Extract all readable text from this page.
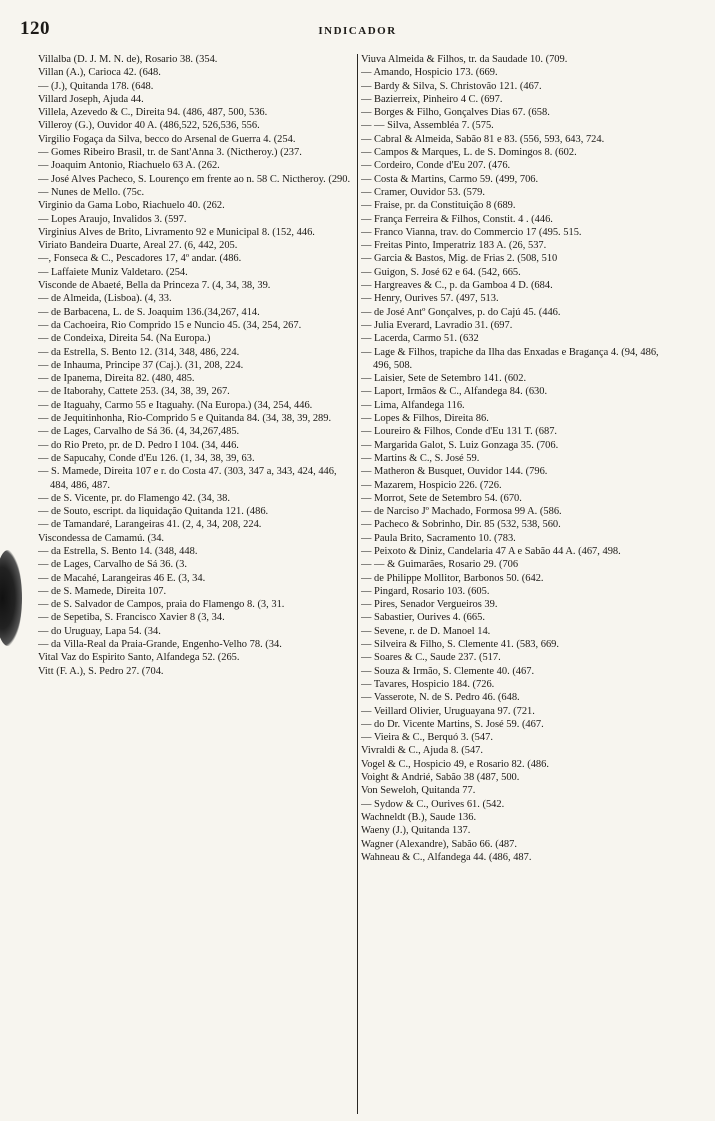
120	INDICADOR
Villalba (D. J. M. N. de), Rosario 38. (354.
Villan (A.), Carioca 42. (648.
— (J.), Quitanda 178. (648.
Villard Joseph, Ajuda 44.
Villela, Azevedo & C., Direita 94. (486, 487, 500, 536.
Villeroy (G.), Ouvidor 40 A. (486,522, 526,536, 556.
Virgilio Fogaça da Silva, becco do Arsenal de Guerra 4. (254.
— Gomes Ribeiro Brasil, tr. de Sant'Anna 3. (Nictheroy.) (237.
— Joaquim Antonio, Riachuelo 63 A. (262.
— José Alves Pacheco, S. Lourenço em frente ao n. 58 C. Nictheroy. (290.
— Nunes de Mello. (75c.
Virginio da Gama Lobo, Riachuelo 40. (262.
— Lopes Araujo, Invalidos 3. (597.
Virginius Alves de Brito, Livramento 92 e Municipal 8. (152, 446.
Viriato Bandeira Duarte, Areal 27. (6, 442, 205.
—, Fonseca & C., Pescadores 17, 4º andar. (486.
— Laffaiete Muniz Valdetaro. (254.
Visconde de Abaeté, Bella da Princeza 7. (4, 34, 38, 39.
— de Almeida, (Lisboa). (4, 33.
— de Barbacena, L. de S. Joaquim 136.(34,267, 414.
— da Cachoeira, Rio Comprido 15 e Nuncio 45. (34, 254, 267.
— de Condeixa, Direita 54. (Na Europa.)
— da Estrella, S. Bento 12. (314, 348, 486, 224.
— de Inhauma, Principe 37 (Caj.). (31, 208, 224.
— de Ipanema, Direita 82. (480, 485.
— de Itaborahy, Cattete 253. (34, 38, 39, 267.
— de Itaguahy, Carmo 55 e Itaguahy. (Na Europa.) (34, 254, 446.
— de Jequitinhonha, Rio-Comprido 5 e Quitanda 84. (34, 38, 39, 289.
— de Lages, Carvalho de Sá 36. (4, 34,267,485.
— do Rio Preto, pr. de D. Pedro I 104. (34, 446.
— de Sapucahy, Conde d'Eu 126. (1, 34, 38, 39, 63.
— S. Mamede, Direita 107 e r. do Costa 47. (303, 347 a, 343, 424, 446, 484, 486, 487.
— de S. Vicente, pr. do Flamengo 42. (34, 38.
— de Souto, escript. da liquidação Quitanda 121. (486.
— de Tamandaré, Larangeiras 41. (2, 4, 34, 208, 224.
Viscondessa de Camamú. (34.
— da Estrella, S. Bento 14. (348, 448.
— de Lages, Carvalho de Sá 36. (3.
— de Macahé, Larangeiras 46 E. (3, 34.
— de S. Mamede, Direita 107.
— de S. Salvador de Campos, praia do Flamengo 8. (3, 31.
— de Sepetiba, S. Francisco Xavier 8 (3, 34.
— do Uruguay, Lapa 54. (34.
— da Villa-Real da Praia-Grande, Engenho-Velho 78. (34.
Vital Vaz do Espirito Santo, Alfandega 52. (265.
Vitt (F. A.), S. Pedro 27. (704.
Viuva Almeida & Filhos, tr. da Saudade 10. (709.
— Amando, Hospicio 173. (669.
— Bardy & Silva, S. Christovão 121. (467.
— Bazierreix, Pinheiro 4 C. (697.
— Borges & Filho, Gonçalves Dias 67. (658.
— — Silva, Assembléa 7. (575.
— Cabral & Almeida, Sabão 81 e 83. (556, 593, 643, 724.
— Campos & Marques, L. de S. Domingos 8. (602.
— Cordeiro, Conde d'Eu 207. (476.
— Costa & Martins, Carmo 59. (499, 706.
— Cramer, Ouvidor 53. (579.
— Fraise, pr. da Constituição 8 (689.
— França Ferreira & Filhos, Constit. 4 . (446.
— Franco Vianna, trav. do Commercio 17 (495. 515.
— Freitas Pinto, Imperatriz 183 A. (26, 537.
— Garcia & Bastos, Mig. de Frias 2. (508, 510
— Guigon, S. José 62 e 64. (542, 665.
— Hargreaves & C., p. da Gamboa 4 D. (684.
— Henry, Ourives 57. (497, 513.
— de José Antº Gonçalves, p. do Cajú 45. (446.
— Julia Everard, Lavradio 31. (697.
— Lacerda, Carmo 51. (632
— Lage & Filhos, trapiche da Ilha das Enxadas e Bragança 4. (94, 486, 496, 508.
— Laisier, Sete de Setembro 141. (602.
— Laport, Irmãos & C., Alfandega 84. (630.
— Lima, Alfandega 116.
— Lopes & Filhos, Direita 86.
— Loureiro & Filhos, Conde d'Eu 131 T. (687.
— Margarida Galot, S. Luiz Gonzaga 35. (706.
— Martins & C., S. José 59.
— Matheron & Busquet, Ouvidor 144. (796.
— Mazarem, Hospicio 226. (726.
— Morrot, Sete de Setembro 54. (670.
— de Narciso Jº Machado, Formosa 99 A. (586.
— Pacheco & Sobrinho, Dir. 85 (532, 538, 560.
— Paula Brito, Sacramento 10. (783.
— Peixoto & Diniz, Candelaria 47 A e Sabão 44 A. (467, 498.
— — & Guimarães, Rosario 29. (706
— de Philippe Mollitor, Barbonos 50. (642.
— Pingard, Rosario 103. (605.
— Pires, Senador Vergueiros 39.
— Sabastier, Ourives 4. (665.
— Sevene, r. de D. Manoel 14.
— Silveira & Filho, S. Clemente 41. (583, 669.
— Soares & C., Saude 237. (517.
— Souza & Irmão, S. Clemente 40. (467.
— Tavares, Hospicio 184. (726.
— Vasserote, N. de S. Pedro 46. (648.
— Veillard Olivier, Uruguayana 97. (721.
— do Dr. Vicente Martins, S. José 59. (467.
— Vieira & C., Berquó 3. (547.
Vivraldi & C., Ajuda 8. (547.
Vogel & C., Hospicio 49, e Rosario 82. (486.
Voight & Andrié, Sabão 38 (487, 500.
Von Seweloh, Quitanda 77.
— Sydow & C., Ourives 61. (542.
Wachneldt (B.), Saude 136.
Waeny (J.), Quitanda 137.
Wagner (Alexandre), Sabão 66. (487.
Wahneau & C., Alfandega 44. (486, 487.
